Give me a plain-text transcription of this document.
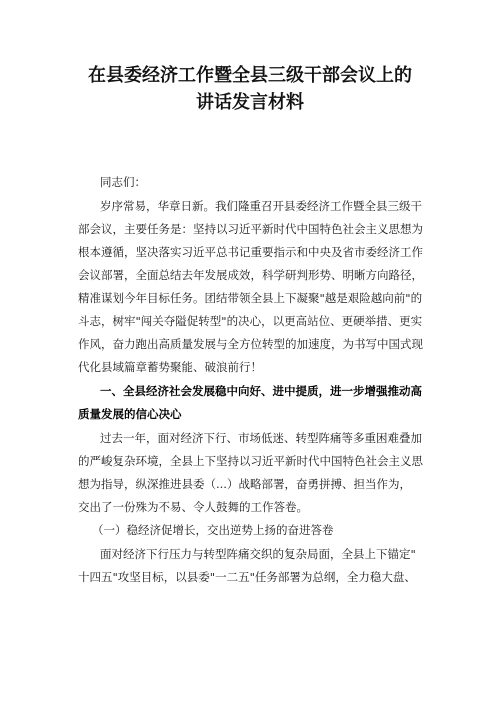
在县委经济工作暨全县三级干部会议上的
讲话发言材料
同志们：
岁序常易，华章日新。我们隆重召开县委经济工作暨全县三级干
部会议，主要任务是：坚持以习近平新时代中国特色社会主义思想为
根本遵循，坚决落实习近平总书记重要指示和中央及省市委经济工作
会议部署，全面总结去年发展成效，科学研判形势、明晰方向路径，
精准谋划今年目标任务。团结带领全县上下凝聚"越是艰险越向前"的
斗志，树牢"闯关夺隘促转型"的决心，以更高站位、更硬举措、更实
作风，奋力跑出高质量发展与全方位转型的加速度，为书写中国式现
代化县域篇章蓄势聚能、破浪前行！
一、全县经济社会发展稳中向好、进中提质，进一步增强推动高
质量发展的信心决心
过去一年，面对经济下行、市场低迷、转型阵痛等多重困难叠加
的严峻复杂环境，全县上下坚持以习近平新时代中国特色社会主义思
想为指导，纵深推进县委（...）战略部署，奋勇拼搏、担当作为，
交出了一份殊为不易、令人鼓舞的工作答卷。
（一）稳经济促增长，交出逆势上扬的奋进答卷
面对经济下行压力与转型阵痛交织的复杂局面，全县上下锚定"
十四五"攻坚目标，以县委"一二五"任务部署为总纲，全力稳大盘、
